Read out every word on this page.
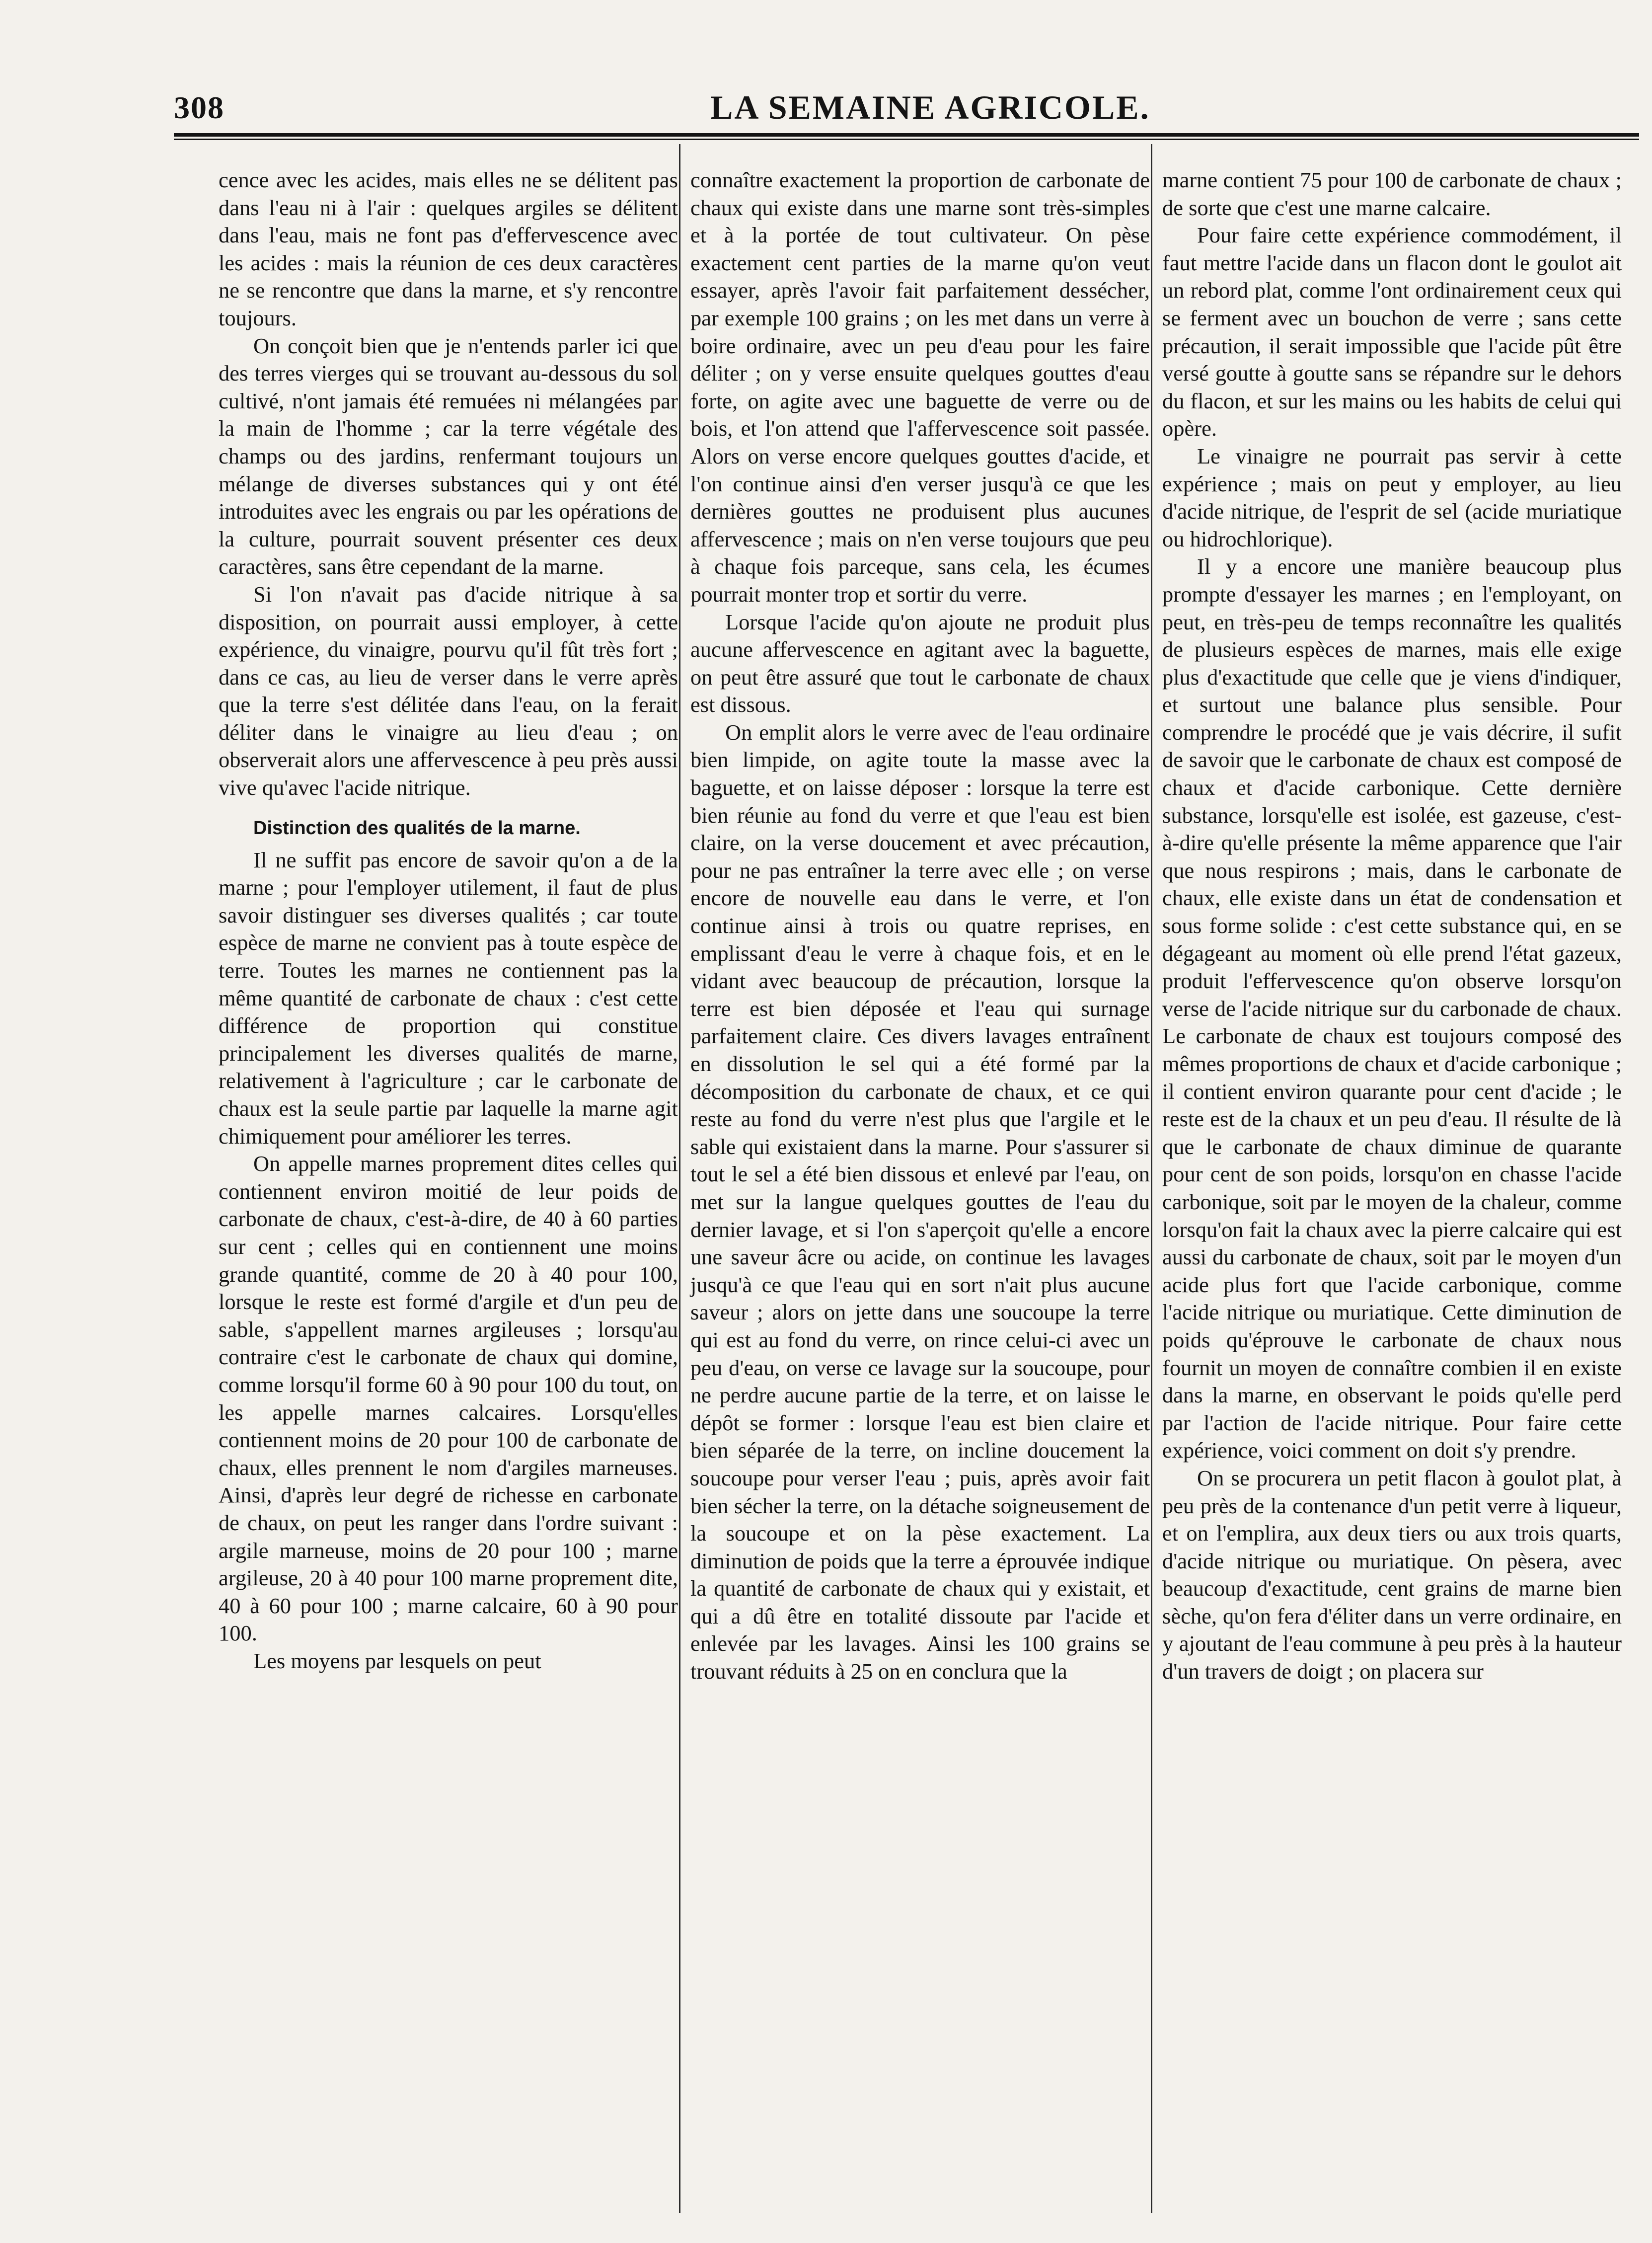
308	LA SEMAINE AGRICOLE.

cence avec les acides, mais elles ne se délitent pas dans l'eau ni à l'air : quelques argiles se délitent dans l'eau, mais ne font pas d'effervescence avec les acides : mais la réunion de ces deux caractères ne se rencontre que dans la marne, et s'y rencontre toujours.

On conçoit bien que je n'entends parler ici que des terres vierges qui se trouvant au-dessous du sol cultivé, n'ont jamais été remuées ni mélangées par la main de l'homme ; car la terre végétale des champs ou des jardins, renfermant toujours un mélange de diverses substances qui y ont été introduites avec les engrais ou par les opérations de la culture, pourrait souvent présenter ces deux caractères, sans être cependant de la marne.

Si l'on n'avait pas d'acide nitrique à sa disposition, on pourrait aussi employer, à cette expérience, du vinaigre, pourvu qu'il fût très fort ; dans ce cas, au lieu de verser dans le verre après que la terre s'est délitée dans l'eau, on la ferait déliter dans le vinaigre au lieu d'eau ; on observerait alors une affervescence à peu près aussi vive qu'avec l'acide nitrique.

Distinction des qualités de la marne.

Il ne suffit pas encore de savoir qu'on a de la marne ; pour l'employer utilement, il faut de plus savoir distinguer ses diverses qualités ; car toute espèce de marne ne convient pas à toute espèce de terre. Toutes les marnes ne contiennent pas la même quantité de carbonate de chaux : c'est cette différence de proportion qui constitue principalement les diverses qualités de marne, relativement à l'agriculture ; car le carbonate de chaux est la seule partie par laquelle la marne agit chimiquement pour améliorer les terres.

On appelle marnes proprement dites celles qui contiennent environ moitié de leur poids de carbonate de chaux, c'est-à-dire, de 40 à 60 parties sur cent ; celles qui en contiennent une moins grande quantité, comme de 20 à 40 pour 100, lorsque le reste est formé d'argile et d'un peu de sable, s'appellent marnes argileuses ; lorsqu'au contraire c'est le carbonate de chaux qui domine, comme lorsqu'il forme 60 à 90 pour 100 du tout, on les appelle marnes calcaires. Lorsqu'elles contiennent moins de 20 pour 100 de carbonate de chaux, elles prennent le nom d'argiles marneuses. Ainsi, d'après leur degré de richesse en carbonate de chaux, on peut les ranger dans l'ordre suivant : argile marneuse, moins de 20 pour 100 ; marne argileuse, 20 à 40 pour 100 marne proprement dite, 40 à 60 pour 100 ; marne calcaire, 60 à 90 pour 100.

Les moyens par lesquels on peut

connaître exactement la proportion de carbonate de chaux qui existe dans une marne sont très-simples et à la portée de tout cultivateur. On pèse exactement cent parties de la marne qu'on veut essayer, après l'avoir fait parfaitement dessécher, par exemple 100 grains ; on les met dans un verre à boire ordinaire, avec un peu d'eau pour les faire déliter ; on y verse ensuite quelques gouttes d'eau forte, on agite avec une baguette de verre ou de bois, et l'on attend que l'affervescence soit passée. Alors on verse encore quelques gouttes d'acide, et l'on continue ainsi d'en verser jusqu'à ce que les dernières gouttes ne produisent plus aucunes affervescence ; mais on n'en verse toujours que peu à chaque fois parceque, sans cela, les écumes pourrait monter trop et sortir du verre.

Lorsque l'acide qu'on ajoute ne produit plus aucune affervescence en agitant avec la baguette, on peut être assuré que tout le carbonate de chaux est dissous.

On emplit alors le verre avec de l'eau ordinaire bien limpide, on agite toute la masse avec la baguette, et on laisse déposer : lorsque la terre est bien réunie au fond du verre et que l'eau est bien claire, on la verse doucement et avec précaution, pour ne pas entraîner la terre avec elle ; on verse encore de nouvelle eau dans le verre, et l'on continue ainsi à trois ou quatre reprises, en emplissant d'eau le verre à chaque fois, et en le vidant avec beaucoup de précaution, lorsque la terre est bien déposée et l'eau qui surnage parfaitement claire. Ces divers lavages entraînent en dissolution le sel qui a été formé par la décomposition du carbonate de chaux, et ce qui reste au fond du verre n'est plus que l'argile et le sable qui existaient dans la marne. Pour s'assurer si tout le sel a été bien dissous et enlevé par l'eau, on met sur la langue quelques gouttes de l'eau du dernier lavage, et si l'on s'aperçoit qu'elle a encore une saveur âcre ou acide, on continue les lavages jusqu'à ce que l'eau qui en sort n'ait plus aucune saveur ; alors on jette dans une soucoupe la terre qui est au fond du verre, on rince celui-ci avec un peu d'eau, on verse ce lavage sur la soucoupe, pour ne perdre aucune partie de la terre, et on laisse le dépôt se former : lorsque l'eau est bien claire et bien séparée de la terre, on incline doucement la soucoupe pour verser l'eau ; puis, après avoir fait bien sécher la terre, on la détache soigneusement de la soucoupe et on la pèse exactement. La diminution de poids que la terre a éprouvée indique la quantité de carbonate de chaux qui y existait, et qui a dû être en totalité dissoute par l'acide et enlevée par les lavages. Ainsi les 100 grains se trouvant réduits à 25 on en conclura que la

marne contient 75 pour 100 de carbonate de chaux ; de sorte que c'est une marne calcaire.

Pour faire cette expérience commodément, il faut mettre l'acide dans un flacon dont le goulot ait un rebord plat, comme l'ont ordinairement ceux qui se ferment avec un bouchon de verre ; sans cette précaution, il serait impossible que l'acide pût être versé goutte à goutte sans se répandre sur le dehors du flacon, et sur les mains ou les habits de celui qui opère.

Le vinaigre ne pourrait pas servir à cette expérience ; mais on peut y employer, au lieu d'acide nitrique, de l'esprit de sel (acide muriatique ou hidrochlorique).

Il y a encore une manière beaucoup plus prompte d'essayer les marnes ; en l'employant, on peut, en très-peu de temps reconnaître les qualités de plusieurs espèces de marnes, mais elle exige plus d'exactitude que celle que je viens d'indiquer, et surtout une balance plus sensible. Pour comprendre le procédé que je vais décrire, il sufit de savoir que le carbonate de chaux est composé de chaux et d'acide carbonique. Cette dernière substance, lorsqu'elle est isolée, est gazeuse, c'est-à-dire qu'elle présente la même apparence que l'air que nous respirons ; mais, dans le carbonate de chaux, elle existe dans un état de condensation et sous forme solide : c'est cette substance qui, en se dégageant au moment où elle prend l'état gazeux, produit l'effervescence qu'on observe lorsqu'on verse de l'acide nitrique sur du carbonade de chaux. Le carbonate de chaux est toujours composé des mêmes proportions de chaux et d'acide carbonique ; il contient environ quarante pour cent d'acide ; le reste est de la chaux et un peu d'eau. Il résulte de là que le carbonate de chaux diminue de quarante pour cent de son poids, lorsqu'on en chasse l'acide carbonique, soit par le moyen de la chaleur, comme lorsqu'on fait la chaux avec la pierre calcaire qui est aussi du carbonate de chaux, soit par le moyen d'un acide plus fort que l'acide carbonique, comme l'acide nitrique ou muriatique. Cette diminution de poids qu'éprouve le carbonate de chaux nous fournit un moyen de connaître combien il en existe dans la marne, en observant le poids qu'elle perd par l'action de l'acide nitrique. Pour faire cette expérience, voici comment on doit s'y prendre.

On se procurera un petit flacon à goulot plat, à peu près de la contenance d'un petit verre à liqueur, et on l'emplira, aux deux tiers ou aux trois quarts, d'acide nitrique ou muriatique. On pèsera, avec beaucoup d'exactitude, cent grains de marne bien sèche, qu'on fera d'éliter dans un verre ordinaire, en y ajoutant de l'eau commune à peu près à la hauteur d'un travers de doigt ; on placera sur
